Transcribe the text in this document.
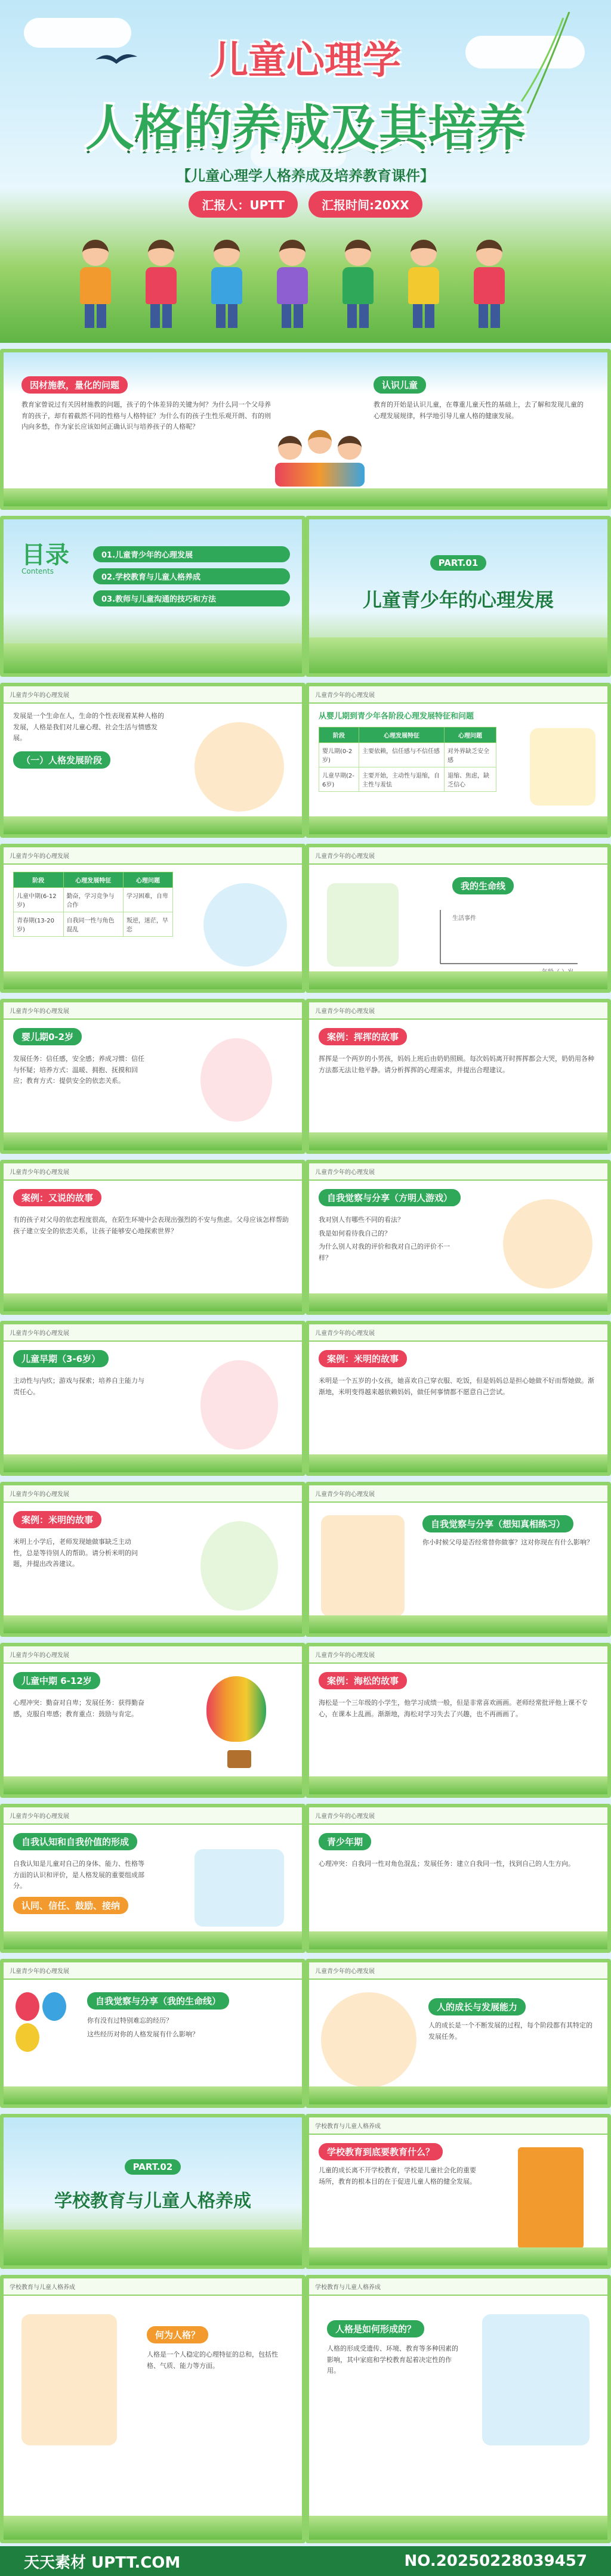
儿童心理学
人格的养成及其培养
【儿童心理学人格养成及培养教育课件】
汇报人：UPTT	汇报时间:20XX
因材施教，量化的问题
教育家曾说过有关因材施教的问题，孩子的个体差异的关键为何？为什么同一个父母养育的孩子，却有着截然不同的性格与人格特征？为什么有的孩子生性乐观开朗、有的则内向多愁，作为家长应该如何正确认识与培养孩子的人格呢？
认识儿童
教育的开始是认识儿童，在尊重儿童天性的基础上，去了解和发现儿童的心理发展规律，科学地引导儿童人格的健康发展。
目录
Contents
01.儿童青少年的心理发展
02.学校教育与儿童人格养成
03.教师与儿童沟通的技巧和方法
PART.01
儿童青少年的心理发展
儿童青少年的心理发展
发展是一个生命在人，生命的个性表现着某种人格的发展，人格是我们对儿童心理、社会生活与情感发展。
（一）人格发展阶段
儿童青少年的心理发展
从婴儿期到青少年各阶段心理发展特征和问题
阶段	心理发展特征	心理问题
婴儿期(0-2岁)	主要依赖，信任感与不信任感	对外界缺乏安全感
儿童早期(2-6岁)	主要开始，主动性与退缩，自主性与羞怯	退缩、焦虑，缺乏信心
儿童青少年的心理发展
阶段	心理发展特征	心理问题
儿童中期(6-12岁)	勤奋，学习竞争与合作	学习困难，自卑
青春期(13-20岁)	自我同一性与角色混乱	叛逆，迷茫，早恋
儿童青少年的心理发展
我的生命线
生活事件
儿童青少年的心理发展
婴儿期0-2岁
发展任务：信任感，安全感；养成习惯：信任与怀疑；培养方式：温暖、拥抱、抚摸和回应；教育方式：提供安全的依恋关系。
儿童青少年的心理发展
案例：挥挥的故事
挥挥是一个两岁的小男孩，妈妈上班后由奶奶照顾。每次妈妈离开时挥挥都会大哭，奶奶用各种方法都无法让他平静。请分析挥挥的心理需求，并提出合理建议。
儿童青少年的心理发展
案例：又说的故事
有的孩子对父母的依恋程度很高，在陌生环境中会表现出强烈的不安与焦虑。父母应该怎样帮助孩子建立安全的依恋关系，让孩子能够安心地探索世界？
儿童青少年的心理发展
自我觉察与分享（方明人游戏）

我对别人有哪些不同的看法？

我是如何看待我自己的？

为什么别人对我的评价和我对自己的评价不一样？

儿童青少年的心理发展
儿童早期（3-6岁）
主动性与内疚；游戏与探索；培养自主能力与责任心。
儿童青少年的心理发展
案例：米明的故事
米明是一个五岁的小女孩，她喜欢自己穿衣服、吃饭，但是妈妈总是担心她做不好而帮她做。渐渐地，米明变得越来越依赖妈妈，做任何事情都不愿意自己尝试。
儿童青少年的心理发展
案例：米明的故事
米明上小学后，老师发现她做事缺乏主动性，总是等待别人的帮助。请分析米明的问题，并提出改善建议。
儿童青少年的心理发展
自我觉察与分享（想知真相练习）
你小时候父母是否经常替你做事？这对你现在有什么影响？
儿童青少年的心理发展
儿童中期 6-12岁
心理冲突：勤奋对自卑；发展任务：获得勤奋感，克服自卑感；教育重点：鼓励与肯定。
儿童青少年的心理发展
案例：海松的故事
海松是一个三年级的小学生，他学习成绩一般，但是非常喜欢画画。老师经常批评他上课不专心，在课本上乱画。渐渐地，海松对学习失去了兴趣，也不再画画了。
儿童青少年的心理发展
自我认知和自我价值的形成
自我认知是儿童对自己的身体、能力、性格等方面的认识和评价，是人格发展的重要组成部分。
认同、信任、鼓励、接纳
儿童青少年的心理发展
青少年期
心理冲突：自我同一性对角色混乱；发展任务：建立自我同一性，找到自己的人生方向。
儿童青少年的心理发展

自我觉察与分享（我的生命线）

你有没有过特别难忘的经历？

这些经历对你的人格发展有什么影响？

儿童青少年的心理发展
人的成长与发展能力
人的成长是一个不断发展的过程，每个阶段都有其特定的发展任务。
PART.02
学校教育与儿童人格养成
学校教育与儿童人格养成
学校教育到底要教育什么？
儿童的成长离不开学校教育，学校是儿童社会化的重要场所，教育的根本目的在于促进儿童人格的健全发展。
学校教育与儿童人格养成
何为人格？
人格是一个人稳定的心理特征的总和，包括性格、气质、能力等方面。
学校教育与儿童人格养成
人格是如何形成的？
人格的形成受遗传、环境、教育等多种因素的影响，其中家庭和学校教育起着决定性的作用。
天天素材 UPTT.COM	NO.20250228039457
